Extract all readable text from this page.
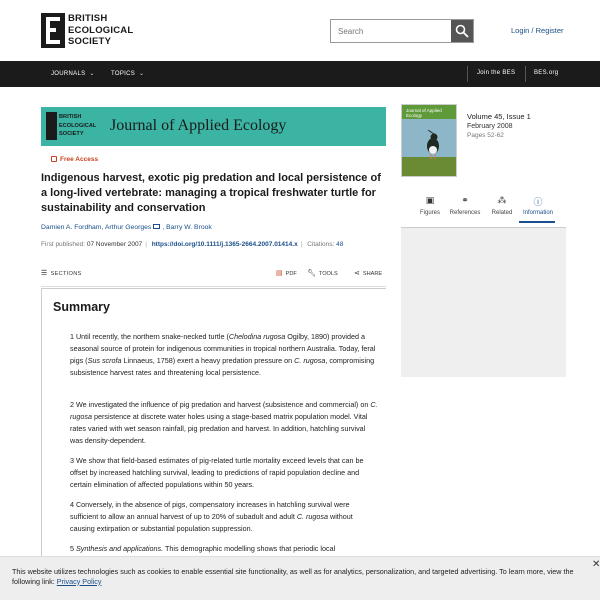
BRITISH
ECOLOGICAL
SOCIETY
Search
Login / Register
JOURNALS ⌄	TOPICS ⌄	Join the BES	BES.org
BRITISH
ECOLOGICAL
SOCIETY	Journal of Applied Ecology
Journal of Applied Ecology	Volume 45, Issue 1
February 2008
Pages 52-62
▣
Figures
⚭
References
⁂
Related
ⓘ
Information
Free Access
Indigenous harvest, exotic pig predation and local persistence of a long-lived vertebrate: managing a tropical freshwater turtle for sustainability and conservation
Damien A. Fordham, Arthur Georges , Barry W. Brook
First published: 07 November 2007 | https://doi.org/10.1111/j.1365-2664.2007.01414.x | Citations: 48
☰ SECTIONS	▤ PDF 🔧︎ TOOLS ⋖ SHARE
Summary

1 Until recently, the northern snake-necked turtle (Chelodina rugosa Ogilby, 1890) provided a seasonal source of protein for indigenous communities in tropical northern Australia. Today, feral pigs (Sus scrofa Linnaeus, 1758) exert a heavy predation pressure on C. rugosa, compromising subsistence harvest rates and threatening local persistence.

2 We investigated the influence of pig predation and harvest (subsistence and commercial) on C. rugosa persistence at discrete water holes using a stage-based matrix population model. Vital rates varied with wet season rainfall, pig predation and harvest. In addition, hatchling survival was density-dependent.

3 We show that field-based estimates of pig-related turtle mortality exceed levels that can be offset by increased hatchling survival, leading to predictions of rapid population decline and certain elimination of affected populations within 50 years.

4 Conversely, in the absence of pigs, compensatory increases in hatchling survival were sufficient to allow an annual harvest of up to 20% of subadult and adult C. rugosa without causing extirpation or substantial population suppression.

5 Synthesis and applications. This demographic modelling shows that periodic local

This website utilizes technologies such as cookies to enable essential site functionality, as well as for analytics, personalization, and targeted advertising. To learn more, view the following link: Privacy Policy
✕
